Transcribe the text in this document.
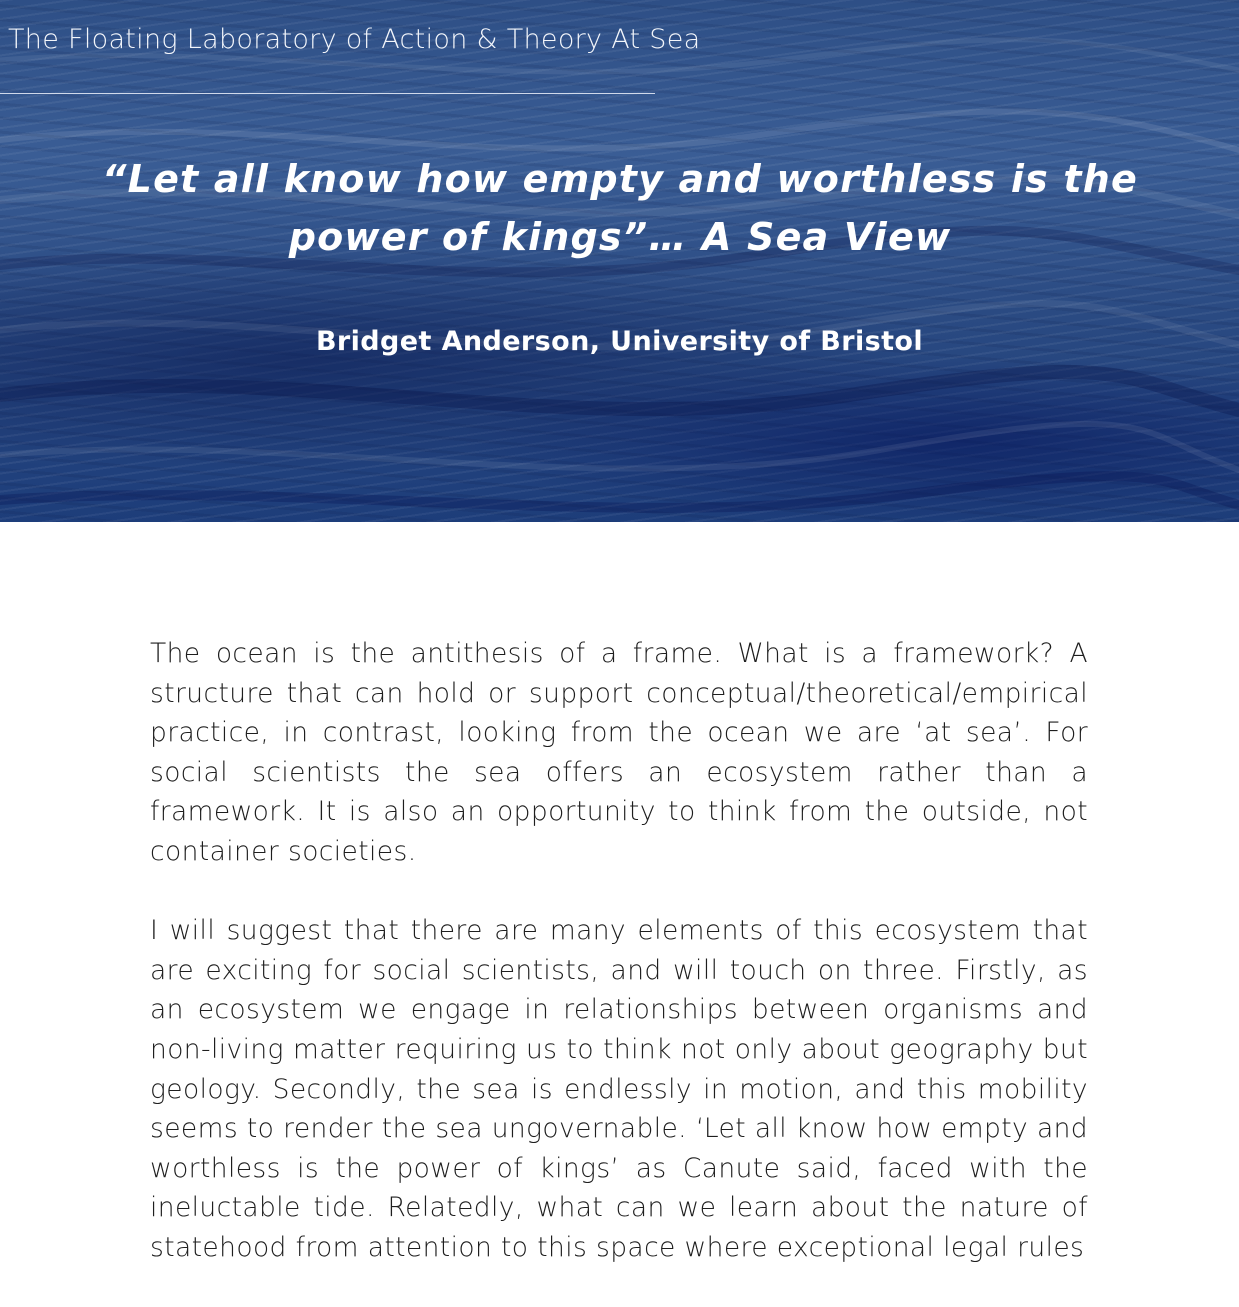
The Floating Laboratory of Action & Theory At Sea
“Let all know how empty and worthless is the power of kings”… A Sea View
Bridget Anderson, University of Bristol

The ocean is the antithesis of a frame. What is a framework? A structure that can hold or support conceptual/theoretical/empirical practice, in contrast, looking from the ocean we are ‘at sea’. For social scientists the sea offers an ecosystem rather than a framework. It is also an opportunity to think from the outside, not container societies.

I will suggest that there are many elements of this ecosystem that are exciting for social scientists, and will touch on three. Firstly, as an ecosystem we engage in relationships between organisms and non-living matter requiring us to think not only about geography but geology. Secondly, the sea is endlessly in motion, and this mobility seems to render the sea ungovernable. ‘Let all know how empty and worthless is the power of kings’ as Canute said, faced with the ineluctable tide. Relatedly, what can we learn about the nature of statehood from attention to this space where exceptional legal rules
